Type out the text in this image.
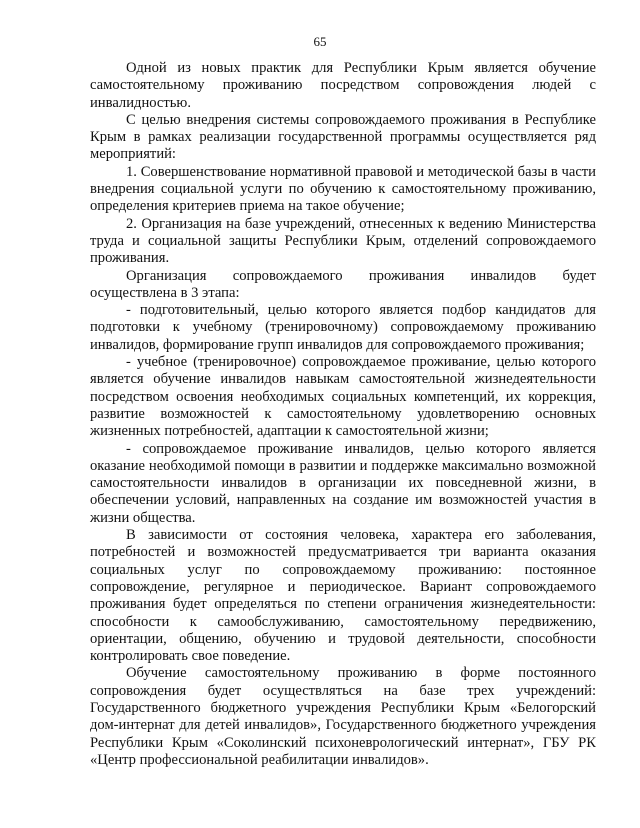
65

Одной из новых практик для Республики Крым является обучение самостоятельному проживанию посредством сопровождения людей с инвалидностью.

С целью внедрения системы сопровождаемого проживания в Республике Крым в рамках реализации государственной программы осуществляется ряд мероприятий:

1. Совершенствование нормативной правовой и методической базы в части внедрения социальной услуги по обучению к самостоятельному проживанию, определения критериев приема на такое обучение;

2. Организация на базе учреждений, отнесенных к ведению Министерства труда и социальной защиты Республики Крым, отделений сопровождаемого проживания.

Организация сопровождаемого проживания инвалидов будет осуществлена в 3 этапа:

- подготовительный, целью которого является подбор кандидатов для подготовки к учебному (тренировочному) сопровождаемому проживанию инвалидов, формирование групп инвалидов для сопровождаемого проживания;

- учебное (тренировочное) сопровождаемое проживание, целью которого является обучение инвалидов навыкам самостоятельной жизнедеятельности посредством освоения необходимых социальных компетенций, их коррекция, развитие возможностей к самостоятельному удовлетворению основных жизненных потребностей, адаптации к самостоятельной жизни;

- сопровождаемое проживание инвалидов, целью которого является оказание необходимой помощи в развитии и поддержке максимально возможной самостоятельности инвалидов в организации их повседневной жизни, в обеспечении условий, направленных на создание им возможностей участия в жизни общества.

В зависимости от состояния человека, характера его заболевания, потребностей и возможностей предусматривается три варианта оказания социальных услуг по сопровождаемому проживанию: постоянное сопровождение, регулярное и периодическое. Вариант сопровождаемого проживания будет определяться по степени ограничения жизнедеятельности: способности к самообслуживанию, самостоятельному передвижению, ориентации, общению, обучению и трудовой деятельности, способности контролировать свое поведение.

Обучение самостоятельному проживанию в форме постоянного сопровождения будет осуществляться на базе трех учреждений: Государственного бюджетного учреждения Республики Крым «Белогорский дом-интернат для детей инвалидов», Государственного бюджетного учреждения Республики Крым «Соколинский психоневрологический интернат», ГБУ РК «Центр профессиональной реабилитации инвалидов».
